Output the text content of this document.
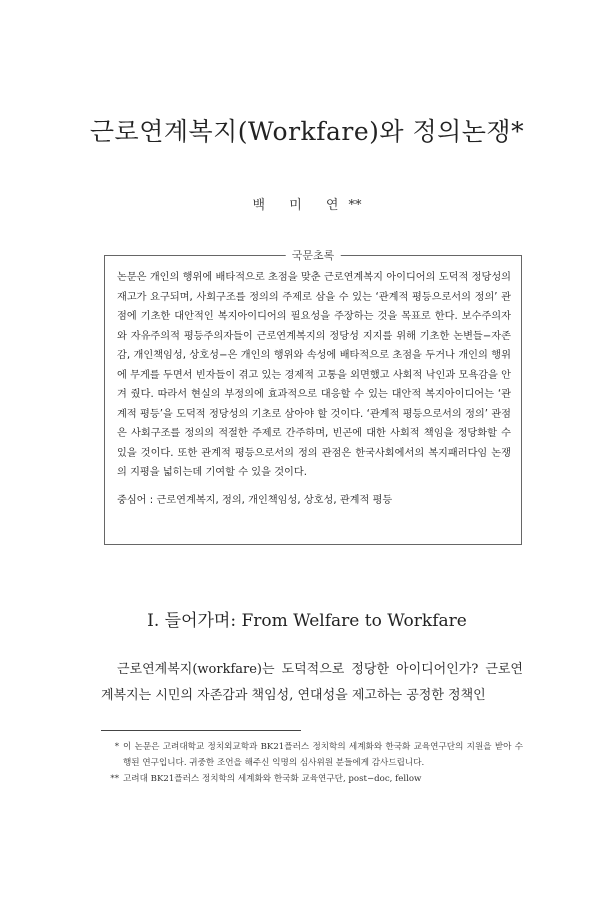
근로연계복지(Workfare)와 정의논쟁*
백 미 연**
국문초록

논문은 개인의 행위에 배타적으로 초점을 맞춘 근로연계복지 아이디어의 도덕적 정당성의 재고가 요구되며, 사회구조를 정의의 주제로 삼을 수 있는 ‘관계적 평등으로서의 정의’ 관점에 기초한 대안적인 복지아이디어의 필요성을 주장하는 것을 목표로 한다. 보수주의자와 자유주의적 평등주의자들이 근로연계복지의 정당성 지지를 위해 기초한 논변들−자존감, 개인책임성, 상호성−은 개인의 행위와 속성에 배타적으로 초점을 두거나 개인의 행위에 무게를 두면서 빈자들이 겪고 있는 경제적 고통을 외면했고 사회적 낙인과 모욕감을 안겨 줬다. 따라서 현실의 부정의에 효과적으로 대응할 수 있는 대안적 복지아이디어는 ‘관계적 평등’을 도덕적 정당성의 기초로 삼아야 할 것이다. ‘관계적 평등으로서의 정의’ 관점은 사회구조를 정의의 적절한 주제로 간주하며, 빈곤에 대한 사회적 책임을 정당화할 수 있을 것이다. 또한 관계적 평등으로서의 정의 관점은 한국사회에서의 복지패러다임 논쟁의 지평을 넓히는데 기여할 수 있을 것이다.

중심어 : 근로연계복지, 정의, 개인책임성, 상호성, 관계적 평등
Ⅰ. 들어가며: From Welfare to Workfare

근로연계복지(workfare)는 도덕적으로 정당한 아이디어인가? 근로연계복지는 시민의 자존감과 책임성, 연대성을 제고하는 공정한 정책인

* 이 논문은 고려대학교 정치외교학과 BK21플러스 정치학의 세계화와 한국화 교육연구단의 지원을 받아 수행된 연구입니다. 귀중한 조언을 해주신 익명의 심사위원 분들에게 감사드립니다.
** 고려대 BK21플러스 정치학의 세계화와 한국화 교육연구단, post−doc, fellow
